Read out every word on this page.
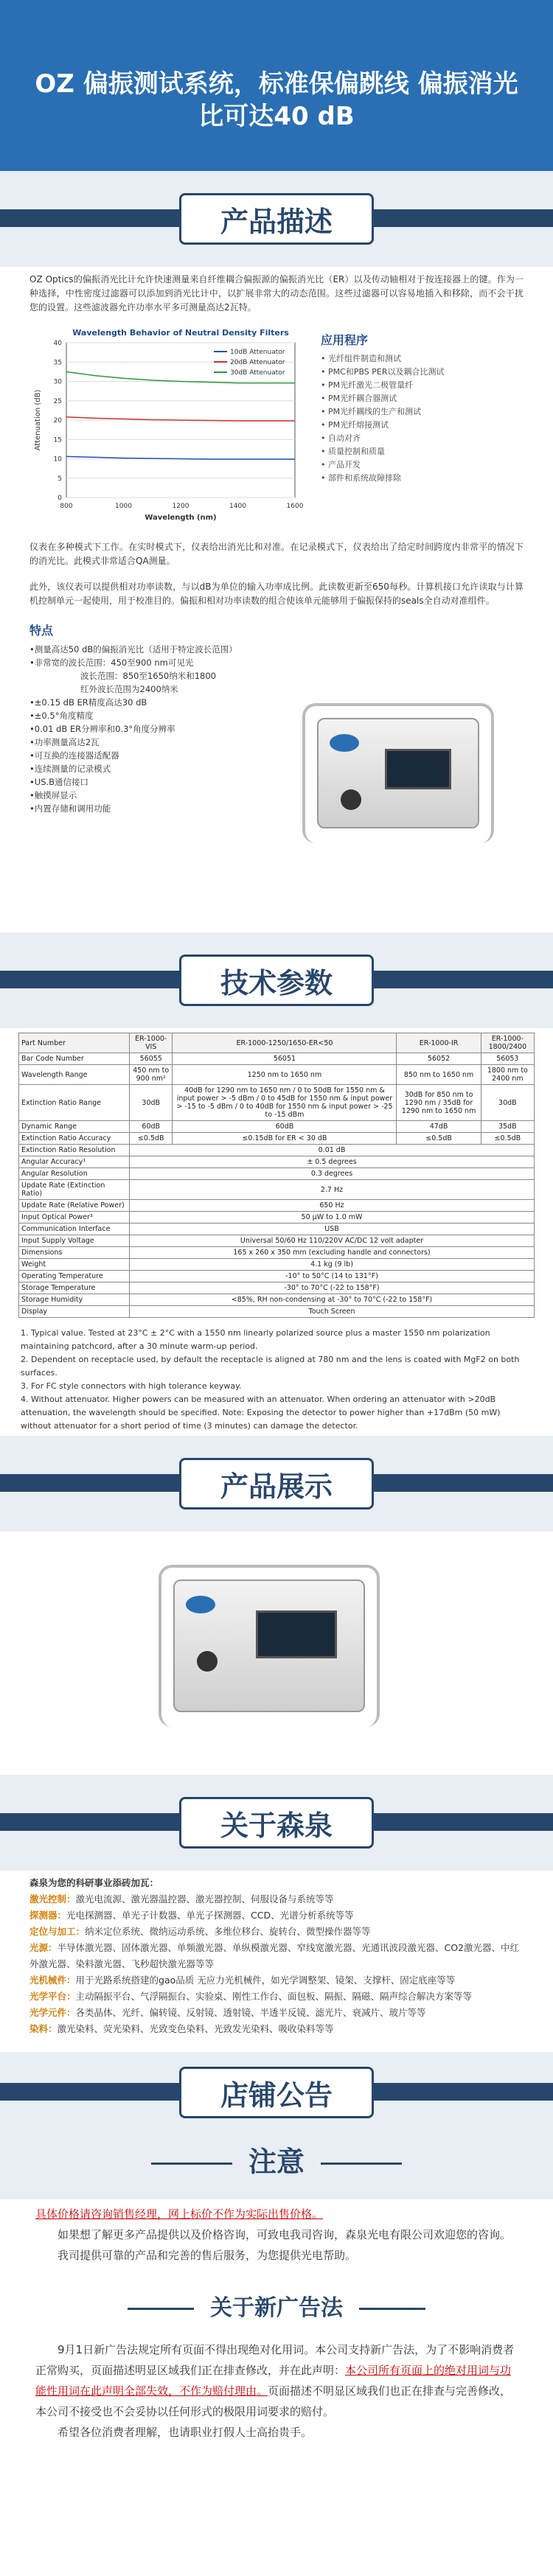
OZ 偏振测试系统，标准保偏跳线 偏振消光比可达40 dB
产品描述
OZ Optics的偏振消光比计允许快速测量来自纤维耦合偏振源的偏振消光比（ER）以及传动轴相对于按连接器上的键。作为一种选择，中性密度过滤器可以添加到消光比计中，以扩展非常大的动态范围。这些过滤器可以容易地插入和移除，而不会干扰您的设置。这些滤波器允许功率水平多可测量高达2瓦特。
Wavelength Behavior of Neutral Density Filters
0
5
10
15
20
25
30
35
40
800	1000	1200	1400	1600
Wavelength (nm)
Attenuation (dB)
10dB Attenuator
20dB Attenuator
30dB Attenuator
应用程序
• 光纤组件制造和测试
• PMC和PBS PER以及耦合比测试
• PM光纤激光二极管量纤
• PM光纤耦合器测试
• PM光纤耦线的生产和测试
• PM光纤熔接测试
• 自动对齐
• 质量控制和质量
• 产品开发
• 部件和系统故障排除
仪表在多种模式下工作。在实时模式下，仪表给出消光比和对准。在记录模式下，仪表给出了给定时间跨度内非常平的情况下的消光比。此模式非常适合QA测量。
此外，该仪表可以提供相对功率读数，与以dB为单位的输入功率成比例。此读数更新至650每秒。计算机接口允许读取与计算机控制单元一起使用，用于校准目的。偏振和相对功率读数的组合使该单元能够用于偏振保持的seals全自动对准组件。
特点
•测量高达50 dB的偏振消光比（适用于特定波长范围）
•非常宽的波长范围：450至900 nm可见光
　　　　　　波长范围：850至1650纳米和1800
　　　　　　红外波长范围为2400纳米
•±0.15 dB ER精度高达30 dB
•±0.5°角度精度
•0.01 dB ER分辨率和0.3°角度分辨率
•功率测量高达2瓦
•可互换的连接器适配器
•连续测量的记录模式
•US.B通信接口
•触摸屏显示
•内置存储和调用功能
技术参数
Part Number	ER-1000-VIS	ER-1000-1250/1650-ER<50	ER-1000-IR	ER-1000-1800/2400
Bar Code Number	56055	56051	56052	56053
Wavelength Range	450 nm to 900 nm²	1250 nm to 1650 nm	850 nm to 1650 nm	1800 nm to 2400 nm
Extinction Ratio Range	30dB	40dB for 1290 nm to 1650 nm / 0 to 50dB for 1550 nm & input power > -5 dBm / 0 to 45dB for 1550 nm & input power > -15 to -5 dBm / 0 to 40dB for 1550 nm & input power > -25 to -15 dBm	30dB for 850 nm to 1290 nm / 35dB for 1290 nm to 1650 nm	30dB
Dynamic Range	60dB	60dB	47dB	35dB
Extinction Ratio Accuracy	≤0.5dB	≤0.15dB for ER < 30 dB	≤0.5dB	≤0.5dB
Extinction Ratio Resolution	0.01 dB			
Angular Accuracy¹	± 0.5 degrees			
Angular Resolution	0.3 degrees			
Update Rate (Extinction Ratio)	2.7 Hz			
Update Rate (Relative Power)	650 Hz			
Input Optical Power³	50 µW to 1.0 mW			
Communication Interface	USB			
Input Supply Voltage	Universal 50/60 Hz 110/220V AC/DC 12 volt adapter			
Dimensions	165 x 260 x 350 mm (excluding handle and connectors)			
Weight	4.1 kg (9 lb)			
Operating Temperature	-10° to 50°C (14 to 131°F)			
Storage Temperature	-30° to 70°C (-22 to 158°F)			
Storage Humidity	<85%, RH non-condensing at -30° to 70°C (-22 to 158°F)			
Display	Touch Screen			

1. Typical value. Tested at 23°C ± 2°C with a 1550 nm linearly polarized source plus a master 1550 nm polarization maintaining patchcord, after a 30 minute warm-up period.

2. Dependent on receptacle used, by default the receptacle is aligned at 780 nm and the lens is coated with MgF2 on both surfaces.

3. For FC style connectors with high tolerance keyway.

4. Without attenuator. Higher powers can be measured with an attenuator. When ordering an attenuator with >20dB attenuation, the wavelength should be specified. Note: Exposing the detector to power higher than +17dBm (50 mW) without attenuator for a short period of time (3 minutes) can damage the detector.

产品展示
关于森泉
森泉为您的科研事业添砖加瓦：
激光控制：激光电流源、激光器温控器、激光器控制、伺服设备与系统等等
探测器：光电探测器、单光子计数器、单光子探测器、CCD、光谱分析系统等等
定位与加工：纳米定位系统、微纳运动系统、多维位移台、旋转台、微型操作器等等
光源：半导体激光器、固体激光器、单频激光器、单纵模激光器、窄线宽激光器、光通讯波段激光器、CO2激光器、中红外激光器、染料激光器、飞秒超快激光器等等
光机械件：用于光路系统搭建的gao品质 无应力光机械件，如光学调整架、镜架、支撑杆、固定底座等等
光学平台：主动隔振平台、气浮隔振台、实验桌、刚性工作台、面包板、隔振、隔磁、隔声综合解决方案等等
光学元件：各类晶体、光纤、偏转镜、反射镜、透射镜、半透半反镜、滤光片、衰减片、玻片等等
染料：激光染料、荧光染料、光致变色染料、光致发光染料、吸收染料等等
店铺公告
注意
具体价格请咨询销售经理，网上标价不作为实际出售价格。
如果想了解更多产品提供以及价格咨询，可致电我司咨询，森泉光电有限公司欢迎您的咨询。
我司提供可靠的产品和完善的售后服务，为您提供光电帮助。
关于新广告法
9月1日新广告法规定所有页面不得出现绝对化用词。本公司支持新广告法，为了不影响消费者正常购买，页面描述明显区域我们正在排查修改，并在此声明：本公司所有页面上的绝对用词与功能性用词在此声明全部失效，不作为赔付理由。页面描述不明显区域我们也正在排查与完善修改，本公司不接受也不会妥协以任何形式的极限用词要求的赔付。
希望各位消费者理解，也请职业打假人士高抬贵手。
